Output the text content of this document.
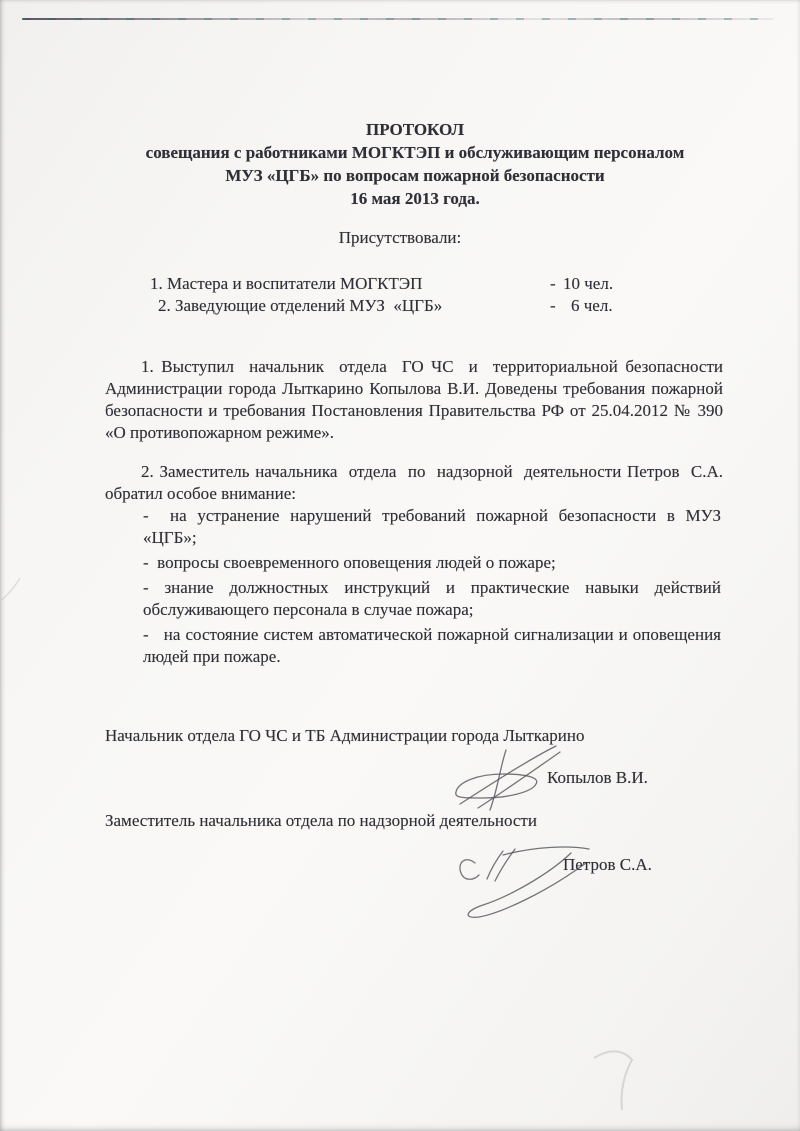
ПРОТОКОЛ
совещания с работниками МОГКТЭП и обслуживающим персоналом
МУЗ «ЦГБ» по вопросам пожарной безопасности
16 мая 2013 года.
Присутствовали:
1. Мастера и воспитатели МОГКТЭП	- 10 чел.
2. Заведующие отделений МУЗ  «ЦГБ»	- 6 чел.
1. Выступил  начальник  отдела  ГО ЧС  и  территориальной безопасности Администрации города Лыткарино Копылова В.И. Доведены требования пожарной безопасности и требования Постановления Правительства РФ от 25.04.2012 № 390 «О противопожарном режиме».
2. Заместитель начальника  отдела  по  надзорной  деятельности Петров  С.А. обратил особое внимание:
-  на устранение нарушений требований пожарной безопасности в МУЗ «ЦГБ»;
-  вопросы своевременного оповещения людей о пожаре;
- знание должностных инструкций и практические навыки действий обслуживающего персонала в случае пожара;
-   на состояние систем автоматической пожарной сигнализации и оповещения людей при пожаре.
Начальник отдела ГО ЧС и ТБ Администрации города Лыткарино
Копылов В.И.
Заместитель начальника отдела по надзорной деятельности
Петров С.А.
